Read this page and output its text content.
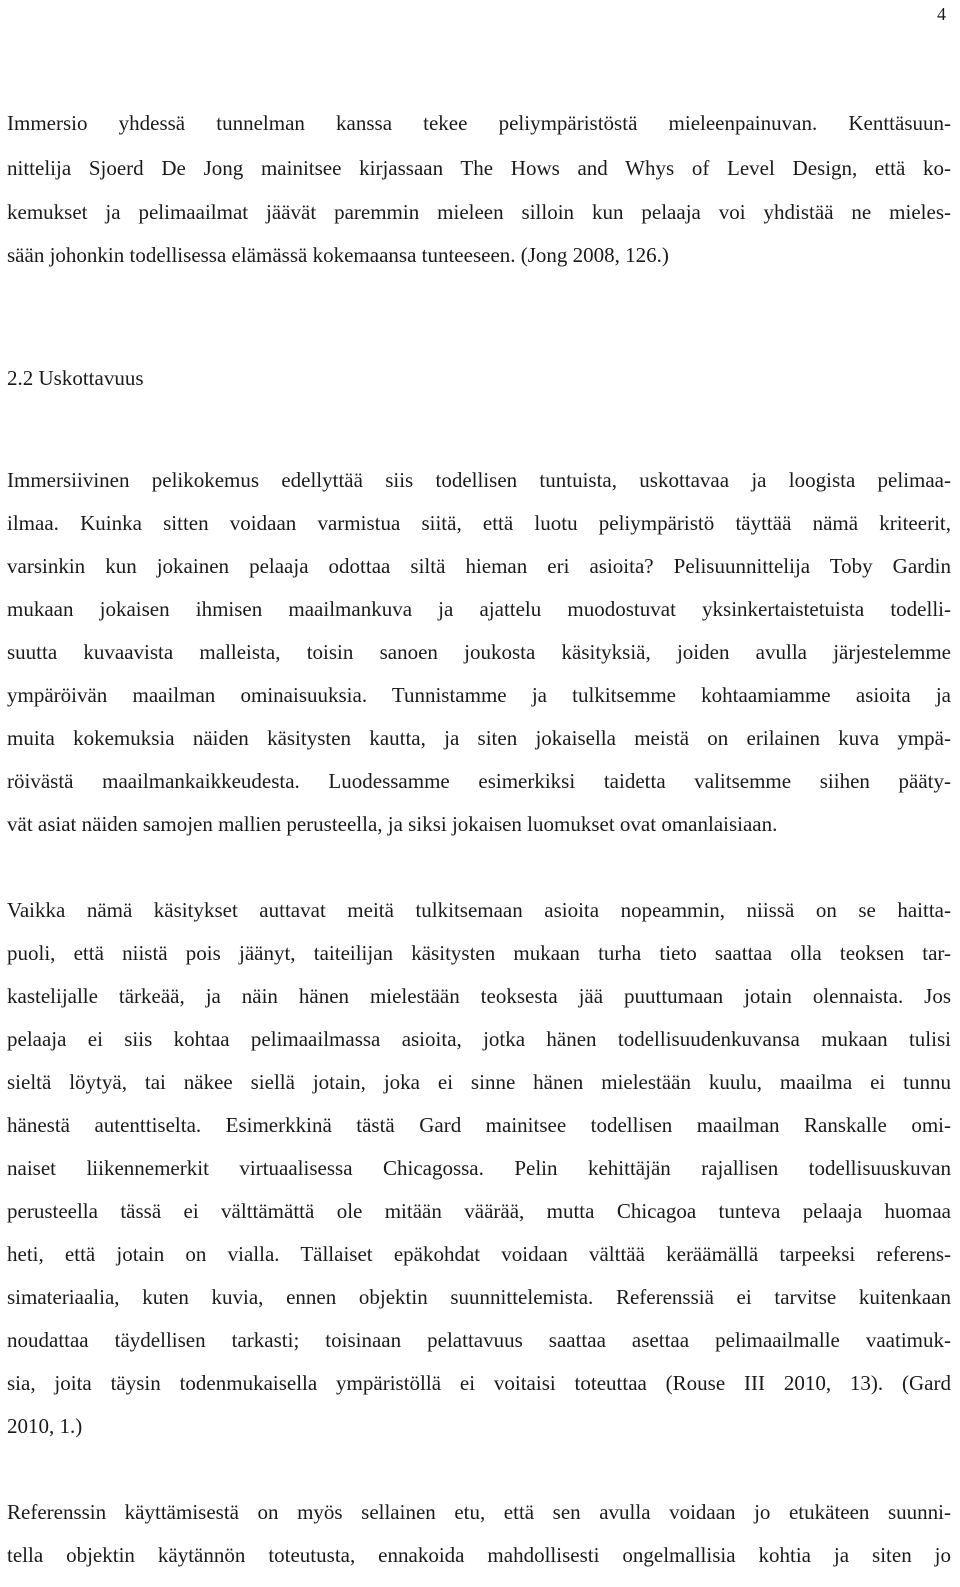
4
Immersio yhdessä tunnelman kanssa tekee peliympäristöstä mieleenpainuvan. Kenttäsuun-
nittelija Sjoerd De Jong mainitsee kirjassaan The Hows and Whys of Level Design, että ko-
kemukset ja pelimaailmat jäävät paremmin mieleen silloin kun pelaaja voi yhdistää ne mieles-
sään johonkin todellisessa elämässä kokemaansa tunteeseen. (Jong 2008, 126.)
2.2 Uskottavuus
Immersiivinen pelikokemus edellyttää siis todellisen tuntuista, uskottavaa ja loogista pelimaa-
ilmaa. Kuinka sitten voidaan varmistua siitä, että luotu peliympäristö täyttää nämä kriteerit,
varsinkin kun jokainen pelaaja odottaa siltä hieman eri asioita? Pelisuunnittelija Toby Gardin
mukaan jokaisen ihmisen maailmankuva ja ajattelu muodostuvat yksinkertaistetuista todelli-
suutta kuvaavista malleista, toisin sanoen joukosta käsityksiä, joiden avulla järjestelemme
ympäröivän maailman ominaisuuksia. Tunnistamme ja tulkitsemme kohtaamiamme asioita ja
muita kokemuksia näiden käsitysten kautta, ja siten jokaisella meistä on erilainen kuva ympä-
röivästä maailmankaikkeudesta. Luodessamme esimerkiksi taidetta valitsemme siihen pääty-
vät asiat näiden samojen mallien perusteella, ja siksi jokaisen luomukset ovat omanlaisiaan.
Vaikka nämä käsitykset auttavat meitä tulkitsemaan asioita nopeammin, niissä on se haitta-
puoli, että niistä pois jäänyt, taiteilijan käsitysten mukaan turha tieto saattaa olla teoksen tar-
kastelijalle tärkeää, ja näin hänen mielestään teoksesta jää puuttumaan jotain olennaista. Jos
pelaaja ei siis kohtaa pelimaailmassa asioita, jotka hänen todellisuudenkuvansa mukaan tulisi
sieltä löytyä, tai näkee siellä jotain, joka ei sinne hänen mielestään kuulu, maailma ei tunnu
hänestä autenttiselta. Esimerkkinä tästä Gard mainitsee todellisen maailman Ranskalle omi-
naiset liikennemerkit virtuaalisessa Chicagossa. Pelin kehittäjän rajallisen todellisuuskuvan
perusteella tässä ei välttämättä ole mitään väärää, mutta Chicagoa tunteva pelaaja huomaa
heti, että jotain on vialla. Tällaiset epäkohdat voidaan välttää keräämällä tarpeeksi referens-
simateriaalia, kuten kuvia, ennen objektin suunnittelemista. Referenssiä ei tarvitse kuitenkaan
noudattaa täydellisen tarkasti; toisinaan pelattavuus saattaa asettaa pelimaailmalle vaatimuk-
sia, joita täysin todenmukaisella ympäristöllä ei voitaisi toteuttaa (Rouse III 2010, 13). (Gard
2010, 1.)
Referenssin käyttämisestä on myös sellainen etu, että sen avulla voidaan jo etukäteen suunni-
tella objektin käytännön toteutusta, ennakoida mahdollisesti ongelmallisia kohtia ja siten jo
